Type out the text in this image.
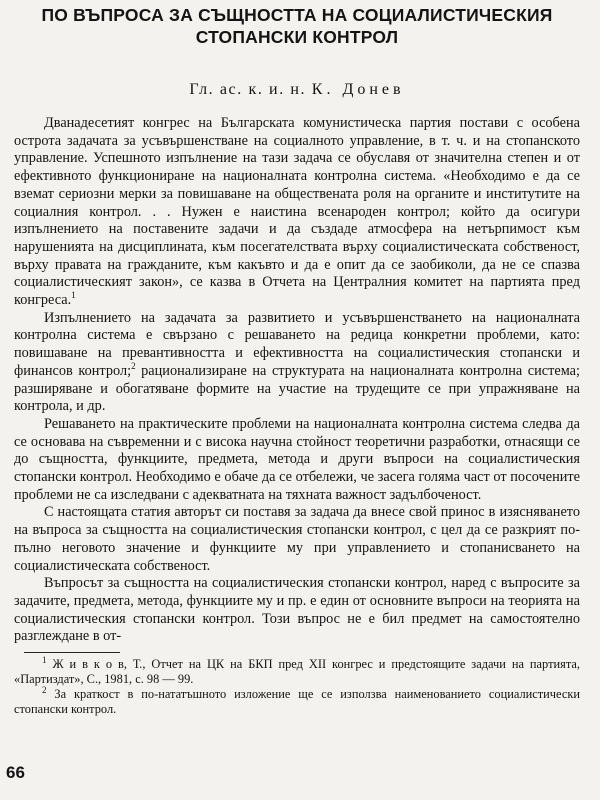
ПО ВЪПРОСА ЗА СЪЩНОСТТА НА СОЦИАЛИСТИЧЕСКИЯ
СТОПАНСКИ КОНТРОЛ

Гл. ас. к. и. н. К. Донев

Дванадесетият конгрес на Българската комунистическа партия постави с особена острота задачата за усъвършенстване на социалното управление, в т. ч. и на стопанското управление. Успешното изпълнение на тази задача се обуславя от значителна степен и от ефективното функциониране на националната контролна система. «Необходимо е да се вземат сериозни мерки за повишаване на обществената роля на органите и институтите на социалния контрол. . . Нужен е наистина всенароден контрол; който да осигури изпълнението на поставените задачи и да създаде атмосфера на нетърпимост към нарушенията на дисциплината, към посегателствата върху социалистическата собственост, върху правата на гражданите, към какъвто и да е опит да се заобиколи, да не се спазва социалистическият закон», се казва в Отчета на Централния комитет на партията пред конгреса.$^1$

Изпълнението на задачата за развитието и усъвършенстването на националната контролна система е свързано с решаването на редица конкретни проблеми, като: повишаване на превантивността и ефективността на социалистическия стопански и финансов контрол;$^2$ рационализиране на структурата на националната контролна система; разширяване и обогатяване формите на участие на трудещите се при упражняване на контрола, и др.

Решаването на практическите проблеми на националната контролна система следва да се основава на съвременни и с висока научна стойност теоретични разработки, отнасящи се до същността, функциите, предмета, метода и други въпроси на социалистическия стопански контрол. Необходимо е обаче да се отбележи, че засега голяма част от посочените проблеми не са изследвани с адекватната на тяхната важност задълбоченост.

С настоящата статия авторът си поставя за задача да внесе свой принос в изясняването на въпроса за същността на социалистическия стопански контрол, с цел да се разкрият по-пълно неговото значение и функциите му при управлението и стопанисването на социалистическата собственост.

Въпросът за същността на социалистическия стопански контрол, наред с въпросите за задачите, предмета, метода, функциите му и пр. е един от основните въпроси на теорията на социалистическия стопански контрол. Този въпрос не е бил предмет на самостоятелно разглеждане в от-

$^1$ Ж и в к о в, Т., Отчет на ЦК на БКП пред XII конгрес и предстоящите задачи на партията, «Партиздат», С., 1981, с. 98 — 99.

$^2$ За краткост в по-нататъшното изложение ще се използва наименованието социалистически стопански контрол.

66
